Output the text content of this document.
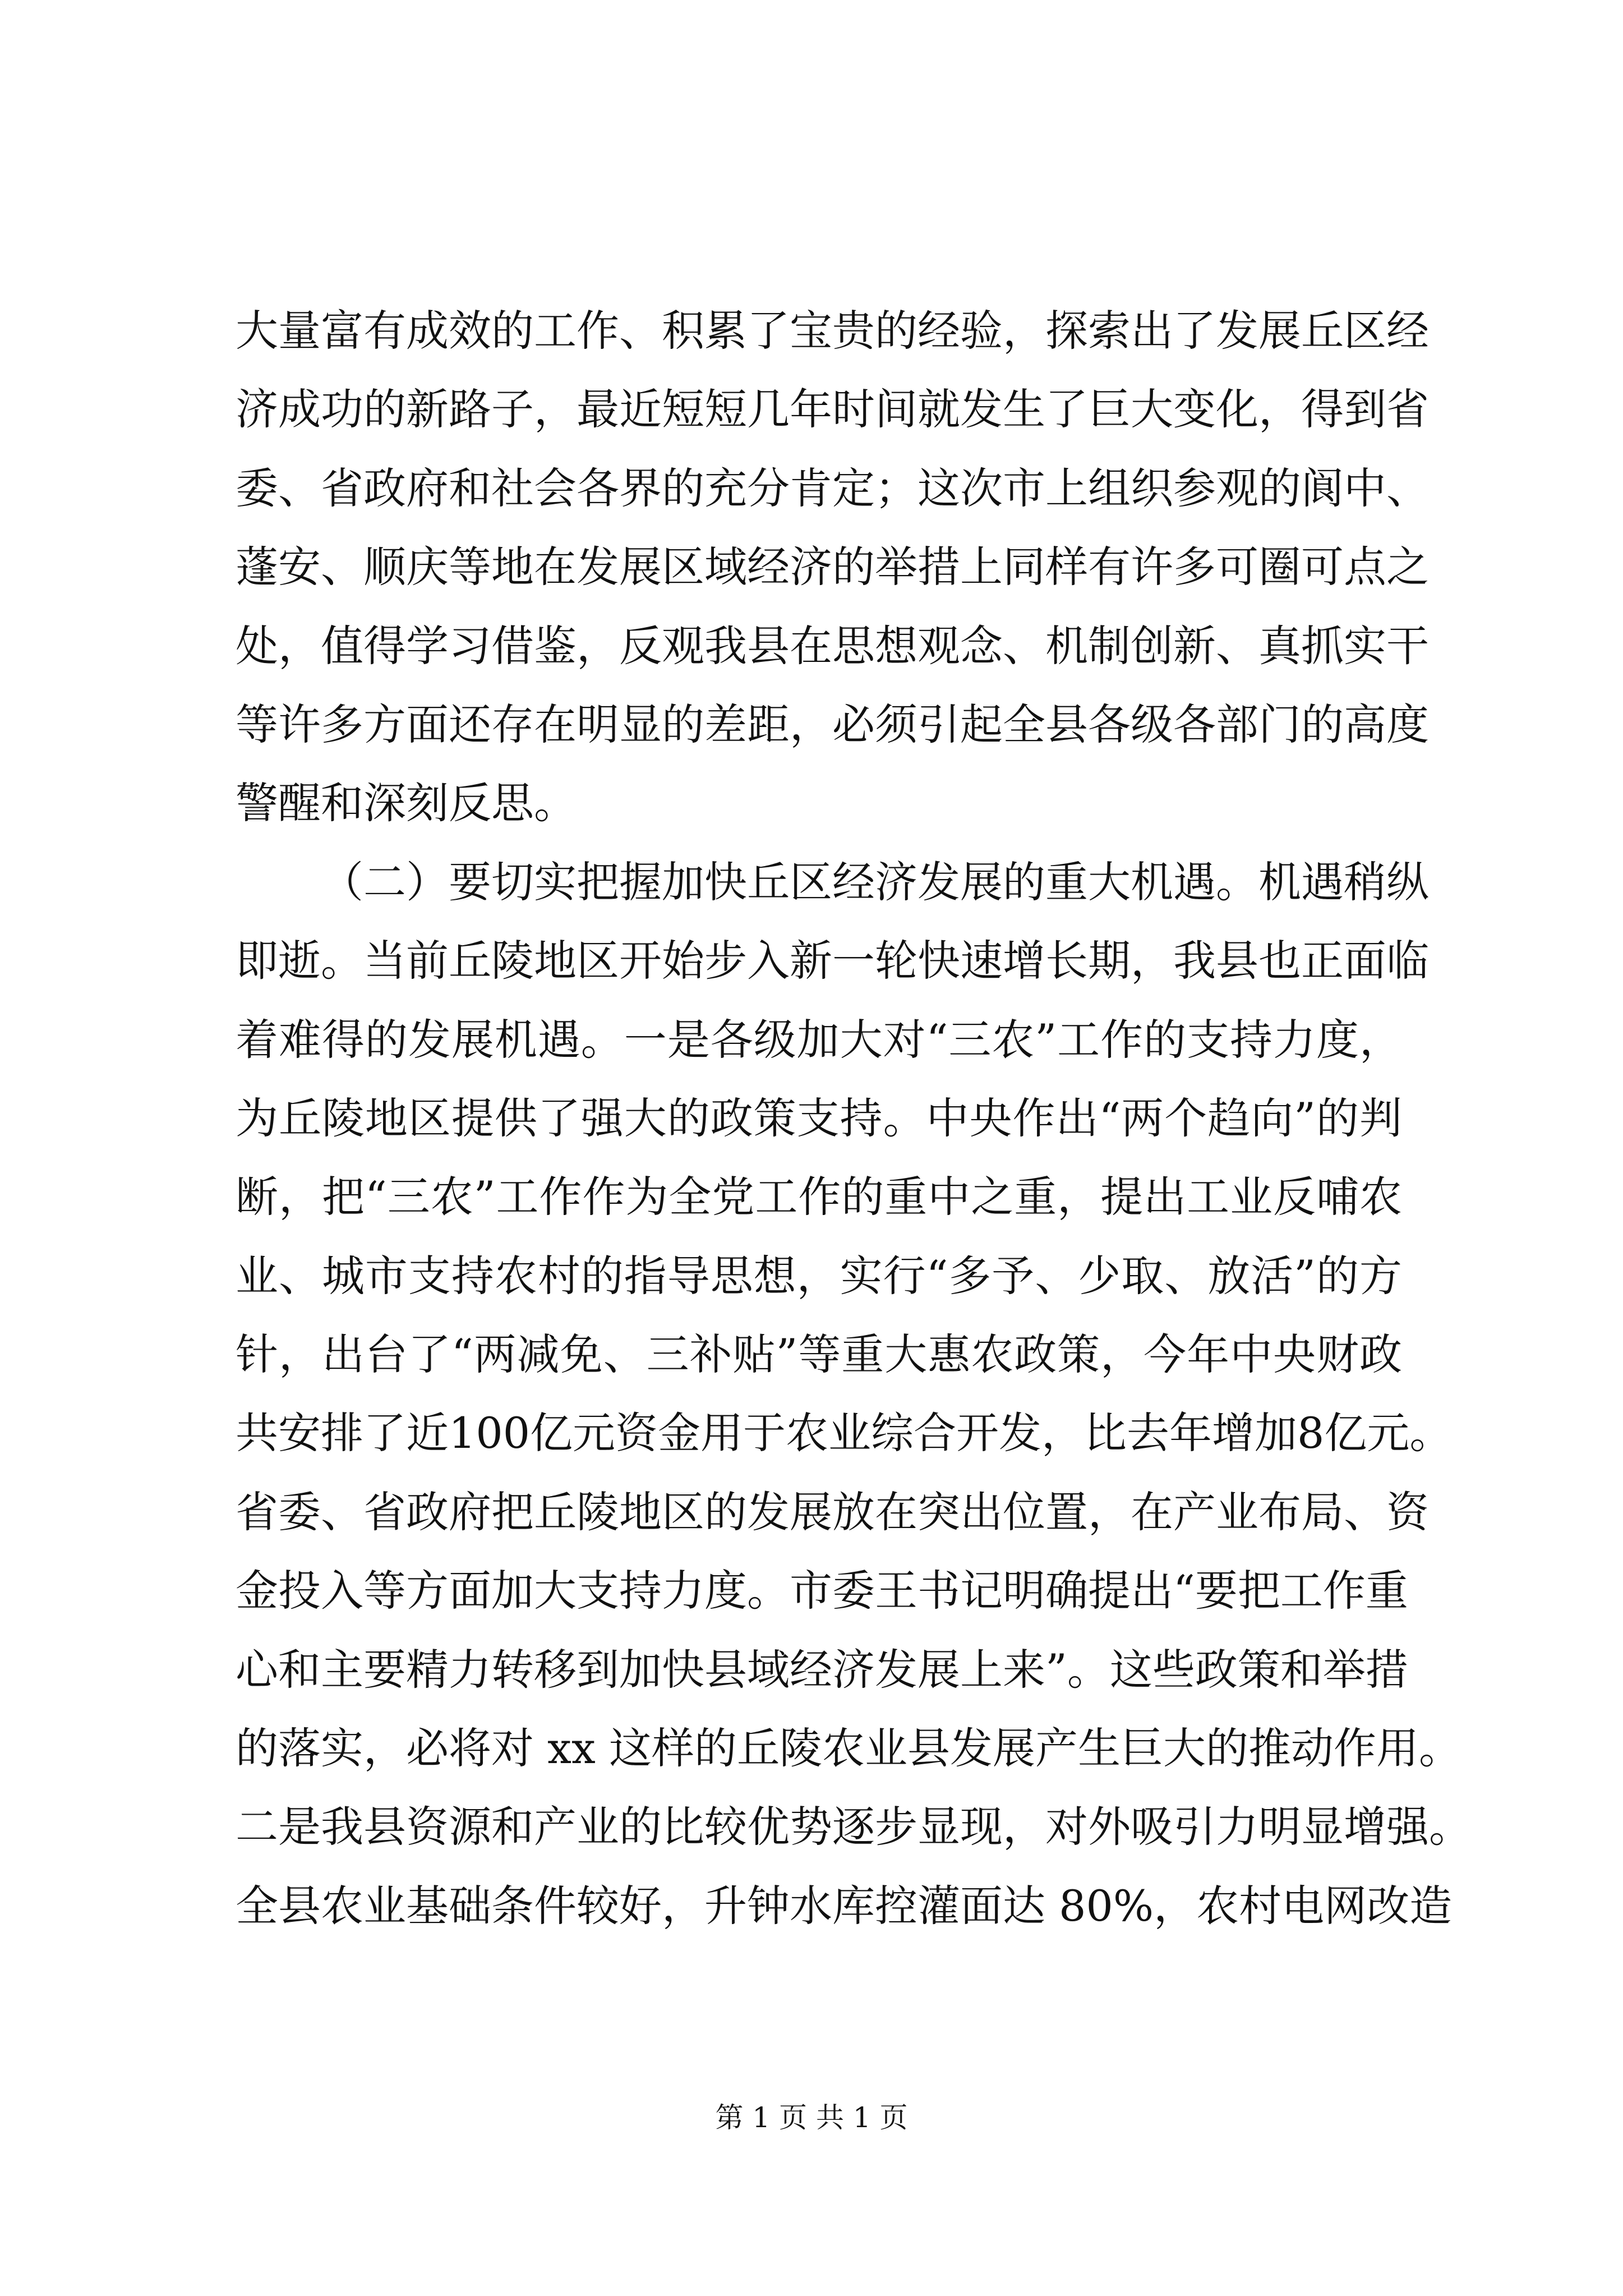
大量富有成效的工作、积累了宝贵的经验，探索出了发展丘区经
济成功的新路子，最近短短几年时间就发生了巨大变化，得到省
委、省政府和社会各界的充分肯定；这次市上组织参观的阆中、
蓬安、顺庆等地在发展区域经济的举措上同样有许多可圈可点之
处，值得学习借鉴，反观我县在思想观念、机制创新、真抓实干
等许多方面还存在明显的差距，必须引起全县各级各部门的高度
警醒和深刻反思。
（二）要切实把握加快丘区经济发展的重大机遇。机遇稍纵
即逝。当前丘陵地区开始步入新一轮快速增长期，我县也正面临
着难得的发展机遇。一是各级加大对“三农”工作的支持力度，
为丘陵地区提供了强大的政策支持。中央作出“两个趋向”的判
断，把“三农”工作作为全党工作的重中之重，提出工业反哺农
业、城市支持农村的指导思想，实行“多予、少取、放活”的方
针，出台了“两减免、三补贴”等重大惠农政策，今年中央财政
共安排了近100亿元资金用于农业综合开发，比去年增加8亿元。
省委、省政府把丘陵地区的发展放在突出位置，在产业布局、资
金投入等方面加大支持力度。市委王书记明确提出“要把工作重
心和主要精力转移到加快县域经济发展上来”。这些政策和举措
的落实，必将对 xx 这样的丘陵农业县发展产生巨大的推动作用。
二是我县资源和产业的比较优势逐步显现，对外吸引力明显增强。
全县农业基础条件较好，升钟水库控灌面达 80%，农村电网改造
第 1 页 共 1 页
